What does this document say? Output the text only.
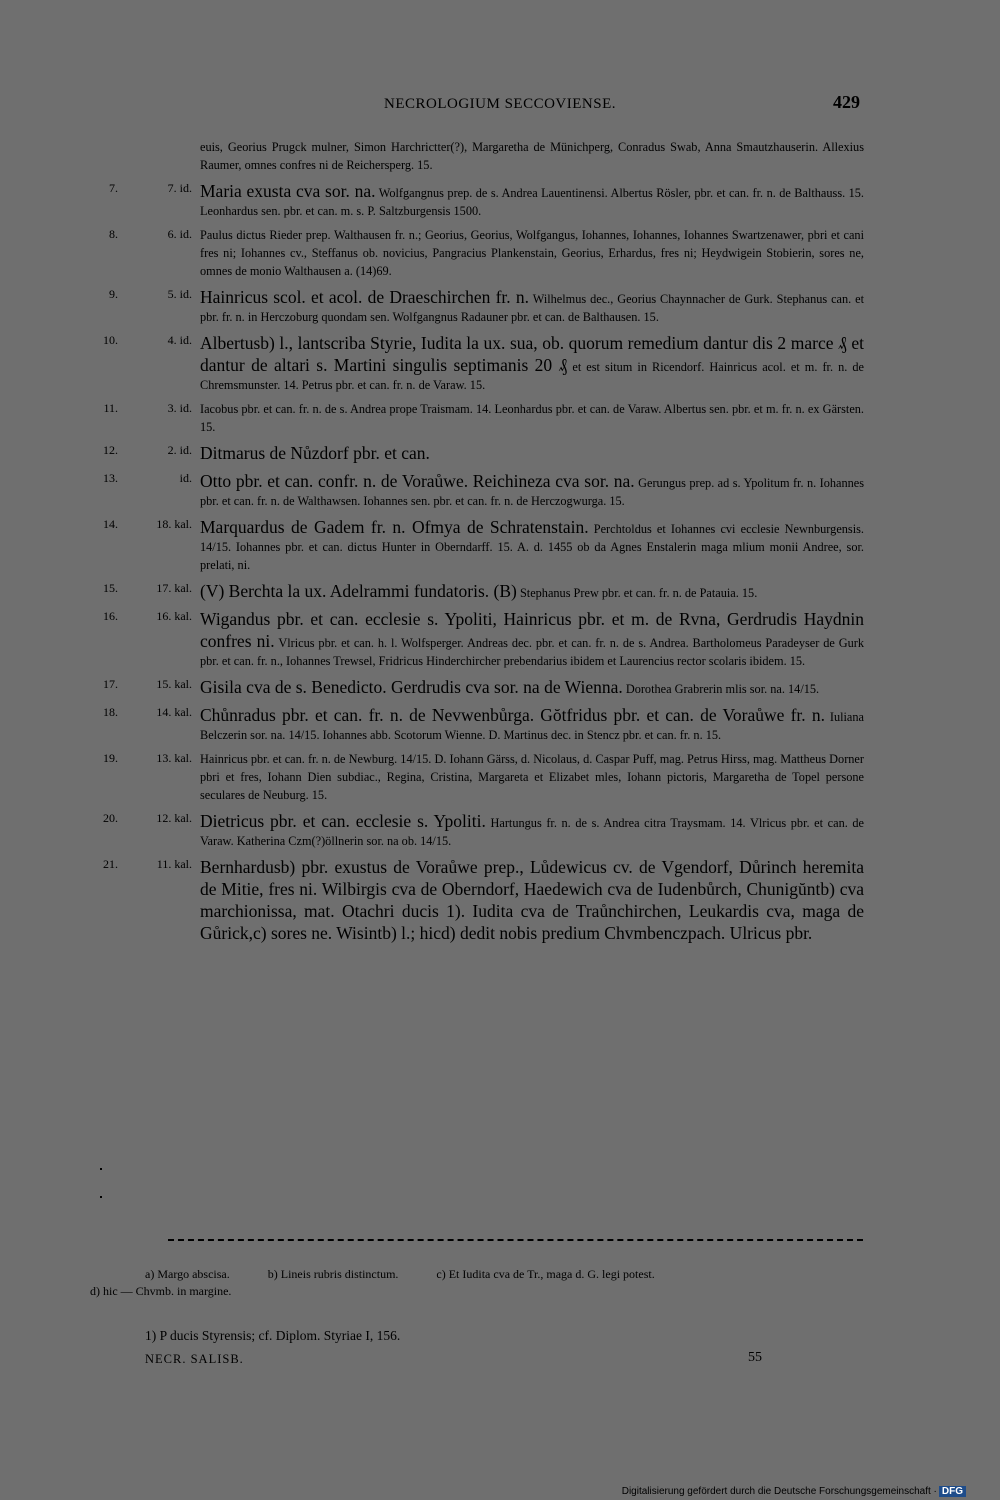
NECROLOGIUM SECCOVIENSE.	429
euis, Georius Prugck mulner, Simon Harchrictter(?), Margaretha de Münichperg, Conradus Swab, Anna Smautzhauserin. Allexius Raumer, omnes confres ni de Reichersperg. 15.
7.	7. id. Maria exusta cva sor. na. Wolfgangnus prep. de s. Andrea Lauentinensi. Albertus Rösler, pbr. et can. fr. n. de Balthauss. 15. Leonhardus sen. pbr. et can. m. s. P. Saltzburgensis 1500.
8.	6. id. Paulus dictus Rieder prep. Walthausen fr. n.; Georius, Georius, Wolfgangus, Iohannes, Iohannes, Iohannes Swartzenawer, pbri et cani fres ni; Iohannes cv., Steffanus ob. novicius, Pangracius Plankenstain, Georius, Erhardus, fres ni; Heydwigein Stobierin, sores ne, omnes de monio Walthausen a. (14)69.
9.	5. id. Hainricus scol. et acol. de Draeschirchen fr. n. Wilhelmus dec., Georius Chaynnacher de Gurk. Stephanus can. et pbr. fr. n. in Herczoburg quondam sen. Wolfgangnus Radauner pbr. et can. de Balthausen. 15.
10.	4. id. Albertusb) l., lantscriba Styrie, Iudita la ux. sua, ob. quorum remedium dantur dis 2 marce ₰ et dantur de altari s. Martini singulis septimanis 20 ₰ et est situm in Ricendorf. Hainricus acol. et m. fr. n. de Chremsmunster. 14. Petrus pbr. et can. fr. n. de Varaw. 15.
11.	3. id. Iacobus pbr. et can. fr. n. de s. Andrea prope Traismam. 14. Leonhardus pbr. et can. de Varaw. Albertus sen. pbr. et m. fr. n. ex Gärsten. 15.
12.	2. id. Ditmarus de Nůzdorf pbr. et can.
13.	id. Otto pbr. et can. confr. n. de Voraůwe. Reichineza cva sor. na. Gerungus prep. ad s. Ypolitum fr. n. Iohannes pbr. et can. fr. n. de Walthawsen. Iohannes sen. pbr. et can. fr. n. de Herczogwurga. 15.
14.	18. kal. Marquardus de Gadem fr. n. Ofmya de Schratenstain. Perchtoldus et Iohannes cvi ecclesie Newnburgensis. 14/15. Iohannes pbr. et can. dictus Hunter in Oberndarff. 15. A. d. 1455 ob da Agnes Enstalerin maga mlium monii Andree, sor. prelati, ni.
15.	17. kal. (V) Berchta la ux. Adelrammi fundatoris. (B) Stephanus Prew pbr. et can. fr. n. de Patauia. 15.
16.	16. kal. Wigandus pbr. et can. ecclesie s. Ypoliti, Hainricus pbr. et m. de Rvna, Gerdrudis Haydnin confres ni. Vlricus pbr. et can. h. l. Wolfsperger. Andreas dec. pbr. et can. fr. n. de s. Andrea. Bartholomeus Paradeyser de Gurk pbr. et can. fr. n., Iohannes Trewsel, Fridricus Hinderchircher prebendarius ibidem et Laurencius rector scolaris ibidem. 15.
17.	15. kal. Gisila cva de s. Benedicto. Gerdrudis cva sor. na de Wienna. Dorothea Grabrerin mlis sor. na. 14/15.
18.	14. kal. Chůnradus pbr. et can. fr. n. de Nevwenbůrga. Gŏtfridus pbr. et can. de Voraůwe fr. n. Iuliana Belczerin sor. na. 14/15. Iohannes abb. Scotorum Wienne. D. Martinus dec. in Stencz pbr. et can. fr. n. 15.
19.	13. kal. Hainricus pbr. et can. fr. n. de Newburg. 14/15. D. Iohann Gärss, d. Nicolaus, d. Caspar Puff, mag. Petrus Hirss, mag. Mattheus Dorner pbri et fres, Iohann Dien subdiac., Regina, Cristina, Margareta et Elizabet mles, Iohann pictoris, Margaretha de Topel persone seculares de Neuburg. 15.
20.	12. kal. Dietricus pbr. et can. ecclesie s. Ypoliti. Hartungus fr. n. de s. Andrea citra Traysmam. 14. Vlricus pbr. et can. de Varaw. Katherina Czm(?)öllnerin sor. na ob. 14/15.
21.	11. kal. Bernhardusb) pbr. exustus de Voraůwe prep., Lůdewicus cv. de Vgendorf, Důrinch heremita de Mitie, fres ni. Wilbirgis cva de Oberndorf, Haedewich cva de Iudenbůrch, Chunigŭntb) cva marchionissa, mat. Otachri ducis 1). Iudita cva de Traůnchirchen, Leukardis cva, maga de Gůrick,c) sores ne. Wisintb) l.; hicd) dedit nobis predium Chvmbenczpach. Ulricus pbr.
a) Margo abscisa.	b) Lineis rubris distinctum.	c) Et Iudita cva de Tr., maga d. G. legi potest.
d) hic — Chvmb. in margine.
1) P ducis Styrensis; cf. Diplom. Styriae I, 156.
NECR. SALISB.	55
Digitalisierung gefördert durch die Deutsche Forschungsgemeinschaft · DFG
